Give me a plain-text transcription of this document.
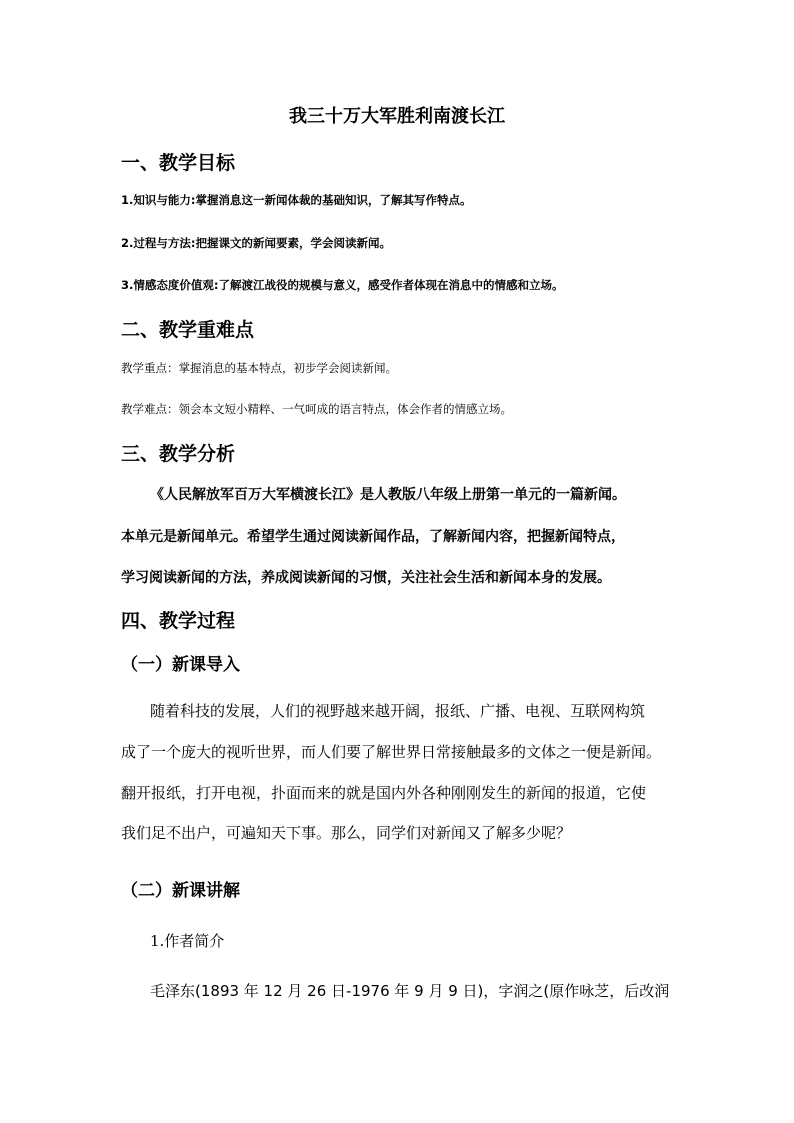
我三十万大军胜利南渡长江
一、教学目标
1.知识与能力:掌握消息这一新闻体裁的基础知识，了解其写作特点。
2.过程与方法:把握课文的新闻要素，学会阅读新闻。
3.情感态度价值观:了解渡江战役的规模与意义，感受作者体现在消息中的情感和立场。
二、教学重难点
教学重点：掌握消息的基本特点，初步学会阅读新闻。
教学难点：领会本文短小精粹、一气呵成的语言特点，体会作者的情感立场。
三、教学分析
《人民解放军百万大军横渡长江》是人教版八年级上册第一单元的一篇新闻。
本单元是新闻单元。希望学生通过阅读新闻作品，了解新闻内容，把握新闻特点，
学习阅读新闻的方法，养成阅读新闻的习惯，关注社会生活和新闻本身的发展。
四、教学过程
（一）新课导入
随着科技的发展，人们的视野越来越开阔，报纸、广播、电视、互联网构筑
成了一个庞大的视听世界，而人们要了解世界日常接触最多的文体之一便是新闻。
翻开报纸，打开电视，扑面而来的就是国内外各种刚刚发生的新闻的报道，它使
我们足不出户，可遍知天下事。那么，同学们对新闻又了解多少呢？
（二）新课讲解
1.作者简介
毛泽东(1893 年 12 月 26 日-1976 年 9 月 9 日)，字润之(原作咏芝，后改润
